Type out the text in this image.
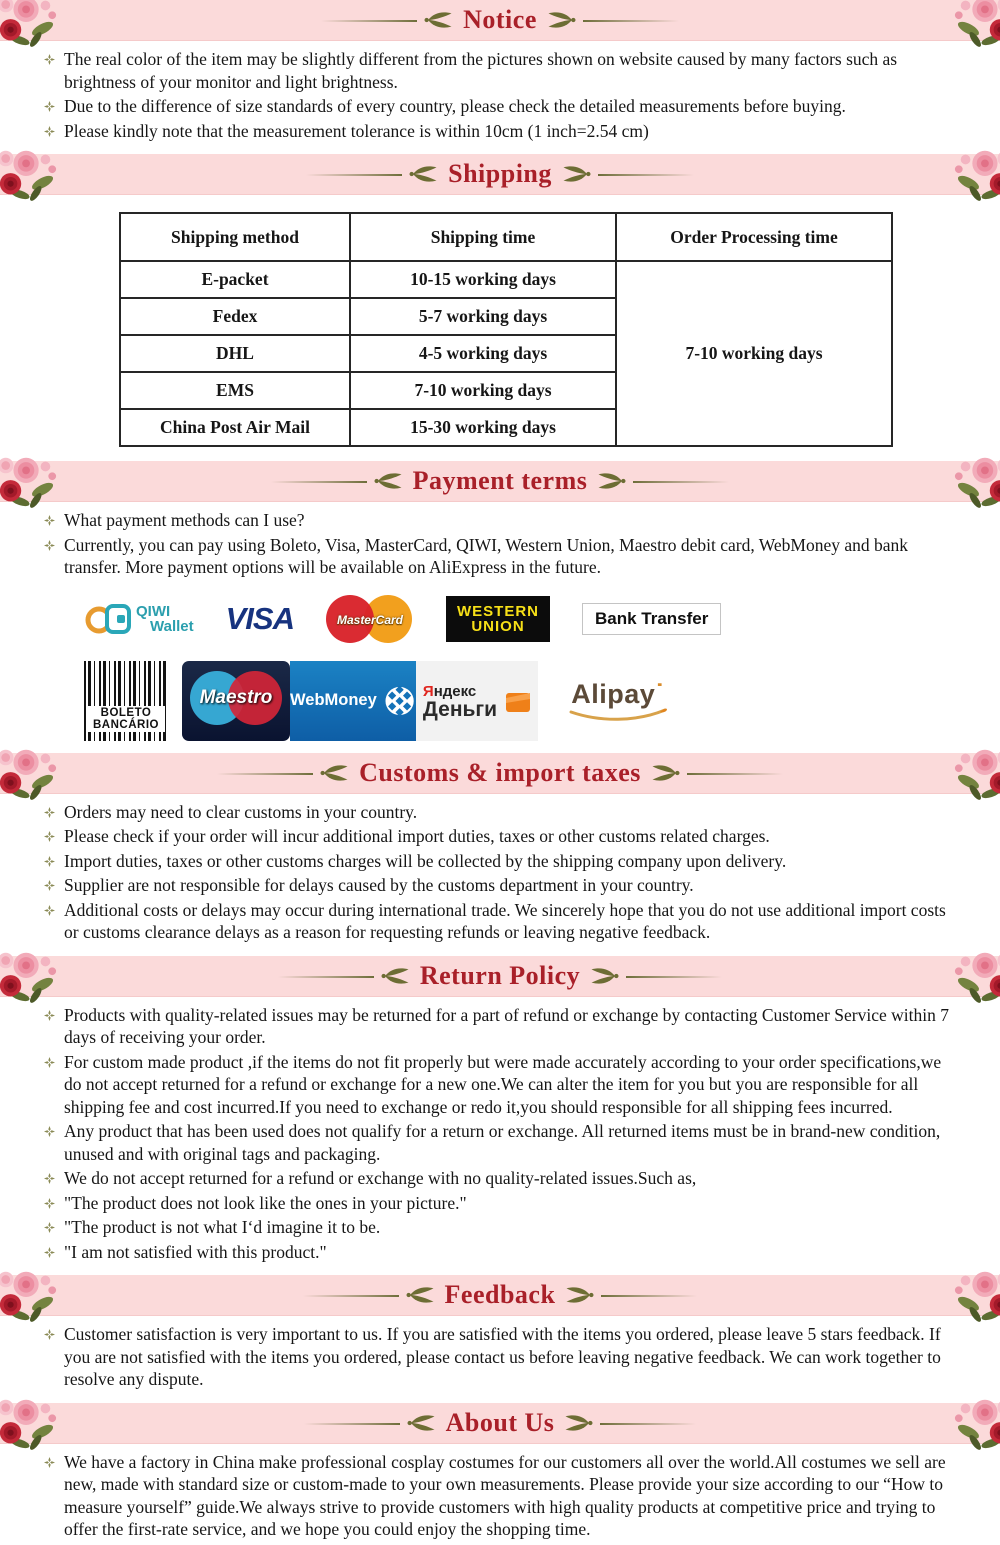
Notice
The real color of the item may be slightly different from the pictures shown on website caused by many factors such as brightness of your monitor and light brightness.
Due to the difference of size standards of every country, please check the detailed measurements before buying.
Please kindly note that the measurement tolerance is within 10cm (1 inch=2.54 cm)
Shipping
Shipping method	Shipping time	Order Processing time
E-packet	10-15 working days	7-10 working days
Fedex	5-7 working days	
DHL	4-5 working days	
EMS	7-10 working days	
China Post Air Mail	15-30 working days	
Payment terms
What payment methods can I use?
Currently, you can pay using Boleto, Visa, MasterCard, QIWI, Western Union, Maestro debit card, WebMoney and bank transfer. More payment options will be available on AliExpress in the future.
QIWI
Wallet VISA	MasterCard	WESTERN
UNION	Bank Transfer
BOLETO
BANCÁRIO
Maestro	WebMoney	Яндекс
Деньги	Alipay˙
Customs & import taxes
Orders may need to clear customs in your country.
Please check if your order will incur additional import duties, taxes or other customs related charges.
Import duties, taxes or other customs charges will be collected by the shipping company upon delivery.
Supplier are not responsible for delays caused by the customs department in your country.
Additional costs or delays may occur during international trade. We sincerely hope that you do not use additional import costs or customs clearance delays as a reason for requesting refunds or leaving negative feedback.
Return Policy
Products with quality-related issues may be returned for a part of refund or exchange by contacting Customer Service within 7 days of receiving your order.
For custom made product ,if the items do not fit properly but were made accurately according to your order specifications,we do not accept returned for a refund or exchange for a new one.We can alter the item for you but you are responsible for all shipping fee and cost incurred.If you need to exchange or redo it,you should responsible for all shipping fees incurred.
Any product that has been used does not qualify for a return or exchange. All returned items must be in brand-new condition, unused and with original tags and packaging.
We do not accept returned for a refund or exchange with no quality-related issues.Such as,
"The product does not look like the ones in your picture."
"The product is not what I‘d imagine it to be.
"I am not satisfied with this product."
Feedback
Customer satisfaction is very important to us. If you are satisfied with the items you ordered, please leave 5 stars feedback. If you are not satisfied with the items you ordered, please contact us before leaving negative feedback. We can work together to resolve any dispute.
About Us
We have a factory in China make professional cosplay costumes for our customers all over the world.All costumes we sell are new, made with standard size or custom-made to your own measurements. Please provide your size according to our “How to measure yourself” guide.We always strive to provide customers with high quality products at competitive price and trying to offer the first-rate service, and we hope you could enjoy the shopping time.
